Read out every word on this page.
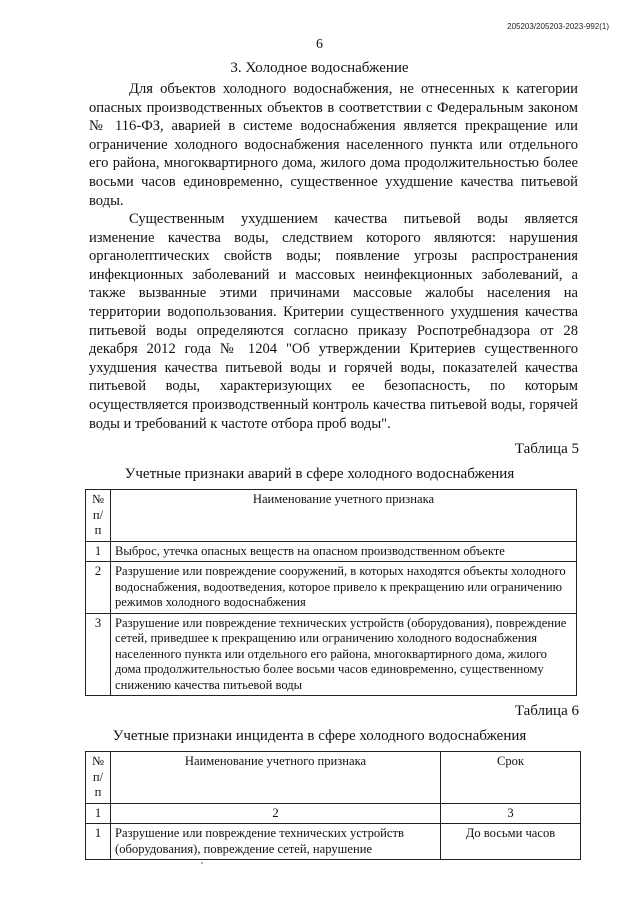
205203/205203-2023-992(1)
6
3. Холодное водоснабжение

Для объектов холодного водоснабжения, не отнесенных к категории опасных производственных объектов в соответствии с Федеральным законом № 116-ФЗ, аварией в системе водоснабжения является прекращение или ограничение холодного водоснабжения населенного пункта или отдельного его района, многоквартирного дома, жилого дома продолжительностью более восьми часов единовременно, существенное ухудшение качества питьевой воды.

Существенным ухудшением качества питьевой воды является изменение качества воды, следствием которого являются: нарушения органолептических свойств воды; появление угрозы распространения инфекционных заболеваний и массовых неинфекционных заболеваний, а также вызванные этими причинами массовые жалобы населения на территории водопользования. Критерии существенного ухудшения качества питьевой воды определяются согласно приказу Роспотребнадзора от 28 декабря 2012 года № 1204 "Об утверждении Критериев существенного ухудшения качества питьевой воды и горячей воды, показателей качества питьевой воды, характеризующих ее безопасность, по которым осуществляется производственный контроль качества питьевой воды, горячей воды и требований к частоте отбора проб воды".

Таблица 5
Учетные признаки аварий в сфере холодного водоснабжения
№ п/п	Наименование учетного признака
1	Выброс, утечка опасных веществ на опасном производственном объекте
2	Разрушение или повреждение сооружений, в которых находятся объекты холодного водоснабжения, водоотведения, которое привело к прекращению или ограничению режимов холодного водоснабжения
3	Разрушение или повреждение технических устройств (оборудования), повреждение сетей, приведшее к прекращению или ограничению холодного водоснабжения населенного пункта или отдельного его района, многоквартирного дома, жилого дома продолжительностью более восьми часов единовременно, существенному снижению качества питьевой воды
Таблица 6
Учетные признаки инцидента в сфере холодного водоснабжения
№ п/п	Наименование учетного признака	Срок
1	2	3
1	Разрушение или повреждение технических устройств (оборудования), повреждение сетей, нарушение	До восьми часов
